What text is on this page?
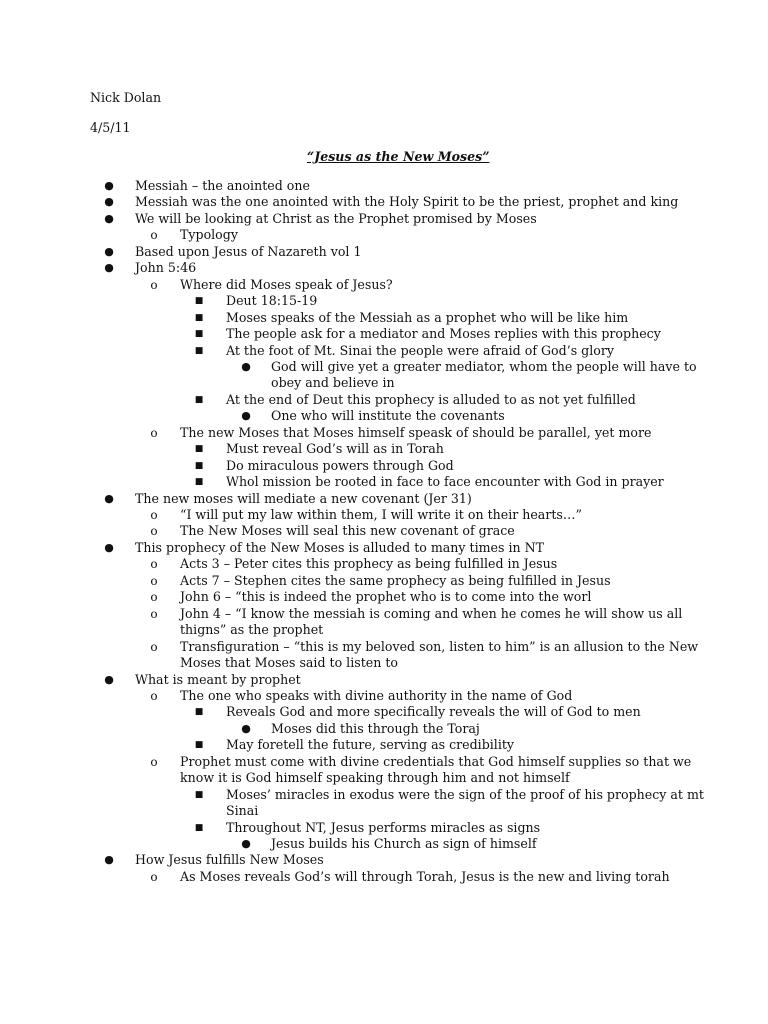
Nick Dolan
4/5/11
“Jesus as the New Moses”
● Messiah – the anointed one
● Messiah was the one anointed with the Holy Spirit to be the priest, prophet and king
● We will be looking at Christ as the Prophet promised by Moses
o	Typology
● Based upon Jesus of Nazareth vol 1
● John 5:46
o	Where did Moses speak of Jesus?
■ Deut 18:15-19
■ Moses speaks of the Messiah as a prophet who will be like him
■ The people ask for a mediator and Moses replies with this prophecy
■ At the foot of Mt. Sinai the people were afraid of God’s glory
● God will give yet a greater mediator, whom the people will have to
obey and believe in
■ At the end of Deut this prophecy is alluded to as not yet fulfilled
● One who will institute the covenants
o	The new Moses that Moses himself speask of should be parallel, yet more
■ Must reveal God’s will as in Torah
■ Do miraculous powers through God
■ Whol mission be rooted in face to face encounter with God in prayer
● The new moses will mediate a new covenant (Jer 31)
o	“I will put my law within them, I will write it on their hearts…”
o	The New Moses will seal this new covenant of grace
● This prophecy of the New Moses is alluded to many times in NT
o	Acts 3 – Peter cites this prophecy as being fulfilled in Jesus
o	Acts 7 – Stephen cites the same prophecy as being fulfilled in Jesus
o	John 6 – “this is indeed the prophet who is to come into the worl
o	John 4 – “I know the messiah is coming and when he comes he will show us all
thigns” as the prophet
o	Transfiguration – “this is my beloved son, listen to him” is an allusion to the New
Moses that Moses said to listen to
● What is meant by prophet
o	The one who speaks with divine authority in the name of God
■ Reveals God and more specifically reveals the will of God to men
● Moses did this through the Toraj
■ May foretell the future, serving as credibility
o	Prophet must come with divine credentials that God himself supplies so that we
know it is God himself speaking through him and not himself
■ Moses’ miracles in exodus were the sign of the proof of his prophecy at mt
Sinai
■ Throughout NT, Jesus performs miracles as signs
● Jesus builds his Church as sign of himself
● How Jesus fulfills New Moses
o	As Moses reveals God’s will through Torah, Jesus is the new and living torah
